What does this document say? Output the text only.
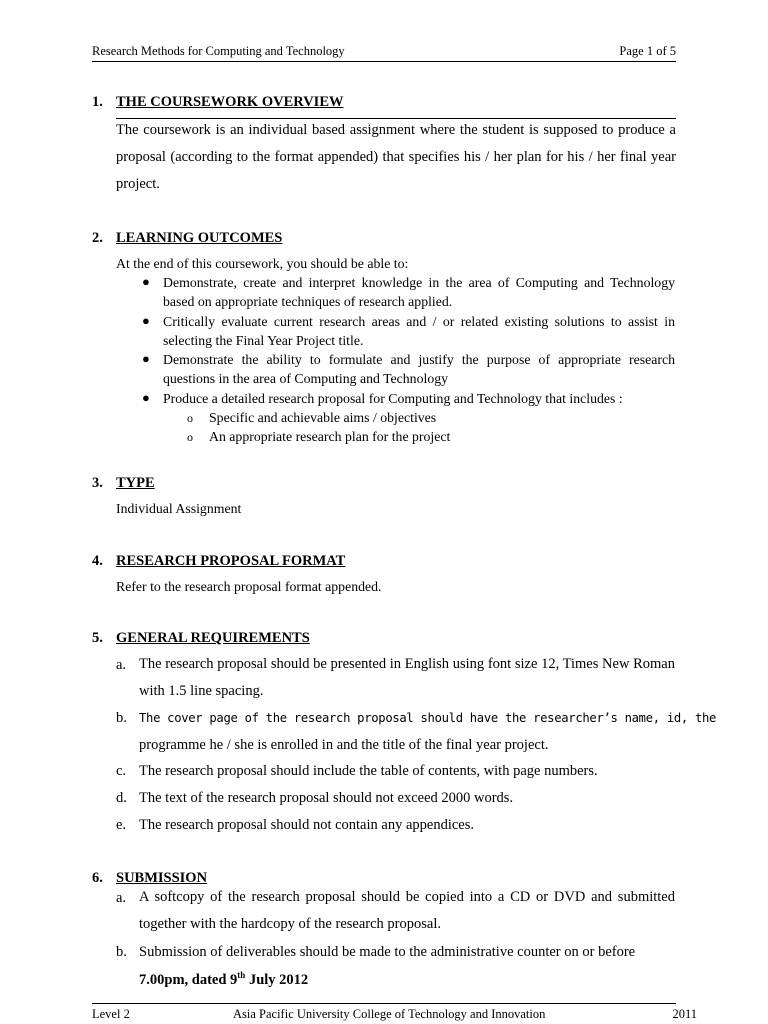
Research Methods for Computing and Technology	Page 1 of 5
1. THE COURSEWORK OVERVIEW
The coursework is an individual based assignment where the student is supposed to produce a proposal (according to the format appended) that specifies his / her plan for his / her final year project.
2. LEARNING OUTCOMES
At the end of this coursework, you should be able to:
● Demonstrate, create and interpret knowledge in the area of Computing and Technology based on appropriate techniques of research applied.
● Critically evaluate current research areas and / or related existing solutions to assist in selecting the Final Year Project title.
● Demonstrate the ability to formulate and justify the purpose of appropriate research questions in the area of Computing and Technology
● Produce a detailed research proposal for Computing and Technology that includes :
o Specific and achievable aims / objectives
o An appropriate research plan for the project
3. TYPE
Individual Assignment
4. RESEARCH PROPOSAL FORMAT
Refer to the research proposal format appended.
5. GENERAL REQUIREMENTS
a. The research proposal should be presented in English using font size 12, Times New Roman with 1.5 line spacing.
b. The cover page of the research proposal should have the researcher’s name, id, the
programme he / she is enrolled in and the title of the final year project.
c. The research proposal should include the table of contents, with page numbers.
d. The text of the research proposal should not exceed 2000 words.
e. The research proposal should not contain any appendices.
6. SUBMISSION
a. A softcopy of the research proposal should be copied into a CD or DVD and submitted together with the hardcopy of the research proposal.
b. Submission of deliverables should be made to the administrative counter on or before
7.00pm, dated 9th July 2012
Level 2	Asia Pacific University College of Technology and Innovation	2011
